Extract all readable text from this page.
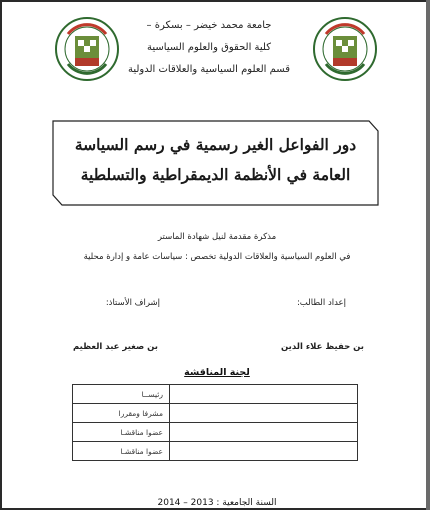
جامعة محمد خيضر – بسكرة –
كلية الحقوق والعلوم السياسية
قسم العلوم السياسية والعلاقات الدولية
دور الفواعل الغير رسمية في رسم السياسة
العامة في الأنظمة الديمقراطية والتسلطية
مذكرة مقدمة لنيل شهادة الماستر
في العلوم السياسية والعلاقات الدولية تخصص : سياسات عامة و إدارة محلية
إعداد الطالب:
إشراف الأستاذ:
بن حفيظ علاء الدين
بن صغير عبد العظيم
لجنة المناقشة
رئيســا	
مشرفا ومقررا	
عضوا مناقشـا	
عضوا مناقشـا	
السنة الجامعية : 2013 – 2014
